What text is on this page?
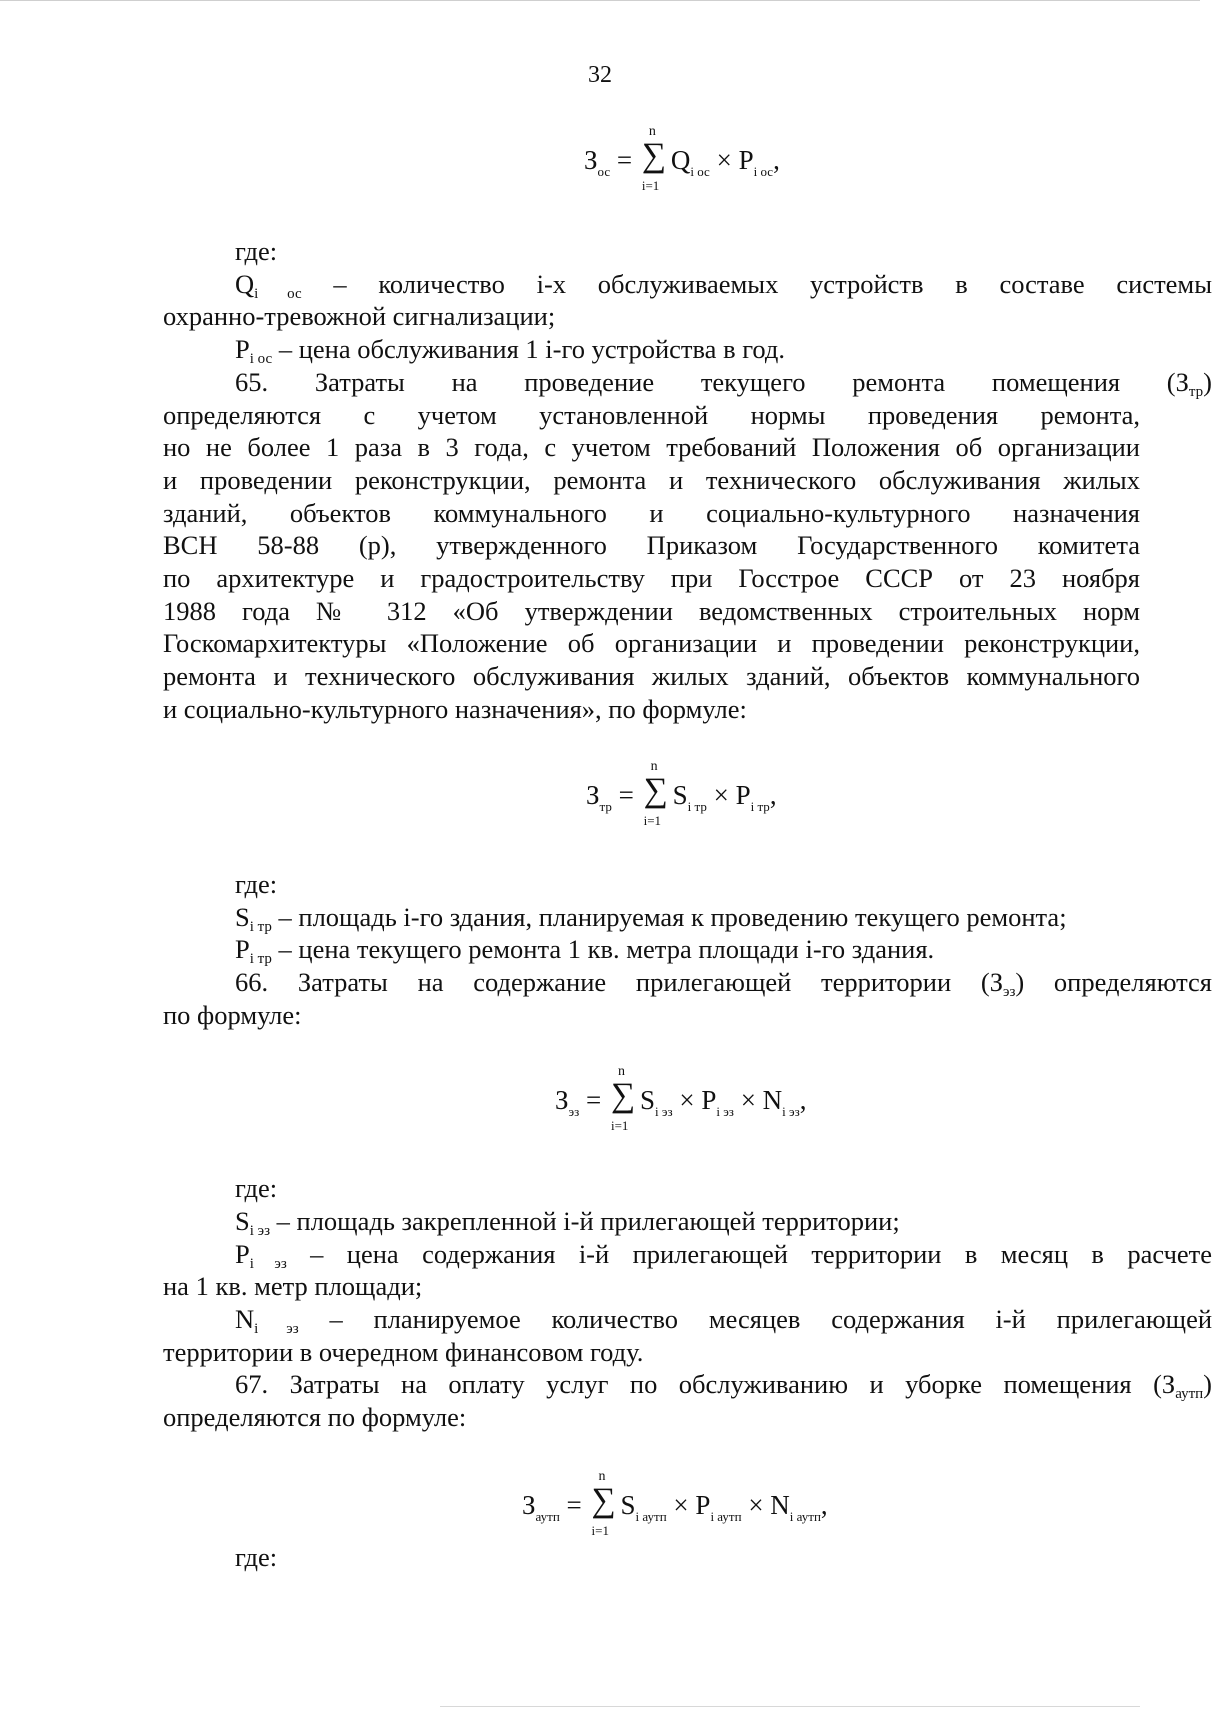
32
$З_{ос}$ = ∑
n
i=1
$Q_{i ос} \times P_{i ос}$,
где:
$Q_{i ос}$ – количество i-х обслуживаемых устройств в составе системы
охранно-тревожной сигнализации;
$P_{i ос}$ – цена обслуживания 1 i-го устройства в год.
65. Затраты на проведение текущего ремонта помещения $(З_{тр})$
определяются с учетом установленной нормы проведения ремонта,
но не более 1 раза в 3 года, с учетом требований Положения об организации
и проведении реконструкции, ремонта и технического обслуживания жилых
зданий, объектов коммунального и социально-культурного назначения
ВСН 58-88 (р), утвержденного Приказом Государственного комитета
по архитектуре и градостроительству при Госстрое СССР от 23 ноября
1988 года № 312 «Об утверждении ведомственных строительных норм
Госкомархитектуры «Положение об организации и проведении реконструкции,
ремонта и технического обслуживания жилых зданий, объектов коммунального
и социально-культурного назначения», по формуле:
$З_{тр}$ = ∑
n
i=1
$S_{i тр} \times P_{i тр}$,
где:
$S_{i тр}$ – площадь i-го здания, планируемая к проведению текущего ремонта;
$P_{i тр}$ – цена текущего ремонта 1 кв. метра площади i-го здания.
66. Затраты на содержание прилегающей территории $(З_{эз})$ определяются
по формуле:
$З_{эз}$ = ∑
n
i=1
$S_{i эз} \times P_{i эз} \times N_{i эз}$,
где:
$S_{i эз}$ – площадь закрепленной i-й прилегающей территории;
$P_{i эз}$ – цена содержания i-й прилегающей территории в месяц в расчете
на 1 кв. метр площади;
$N_{i эз}$ – планируемое количество месяцев содержания i-й прилегающей
территории в очередном финансовом году.
67. Затраты на оплату услуг по обслуживанию и уборке помещения $(З_{аутп})$
определяются по формуле:
$З_{аутп}$ = ∑
n
i=1
$S_{i аутп} \times P_{i аутп} \times N_{i аутп}$,
где:
